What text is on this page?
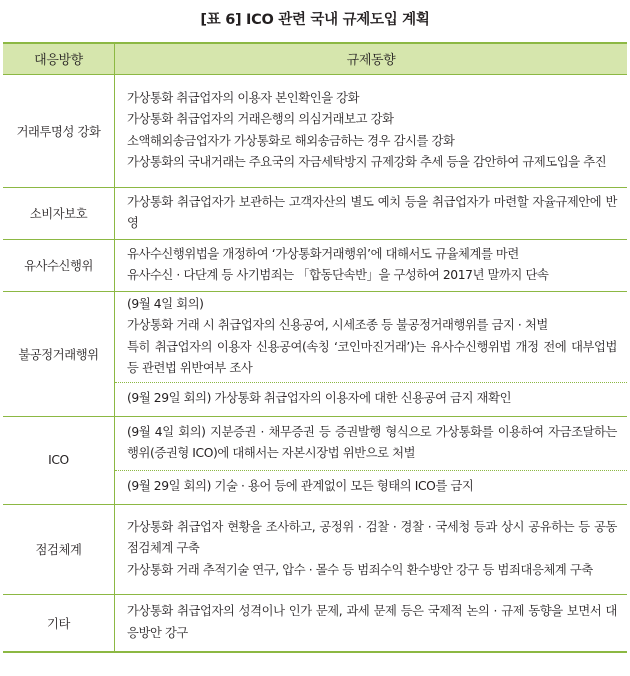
[표 6] ICO 관련 국내 규제도입 계획
대응방향	규제동향
거래투명성 강화	가상통화 취급업자의 이용자 본인확인을 강화
가상통화 취급업자의 거래은행의 의심거래보고 강화
소액해외송금업자가 가상통화로 해외송금하는 경우 감시를 강화
가상통화의 국내거래는 주요국의 자금세탁방지 규제강화 추세 등을 감안하여 규제도입을 추진

소비자보호	가상통화 취급업자가 보관하는 고객자산의 별도 예치 등을 취급업자가 마련할 자율규제안에 반영

유사수신행위	유사수신행위법을 개정하여 ‘가상통화거래행위’에 대해서도 규율체계를 마련
유사수신 · 다단계 등 사기범죄는 「합동단속반」을 구성하여 2017년 말까지 단속

불공정거래행위	(9월 4일 회의)
가상통화 거래 시 취급업자의 신용공여, 시세조종 등 불공정거래행위를 금지 · 처벌
특히 취급업자의 이용자 신용공여(속칭 ‘코인마진거래’)는 유사수신행위법 개정 전에 대부업법 등 관련법 위반여부 조사

	(9월 29일 회의) 가상통화 취급업자의 이용자에 대한 신용공여 금지 재확인

ICO	(9월 4일 회의) 지분증권 · 채무증권 등 증권발행 형식으로 가상통화를 이용하여 자금조달하는 행위(증권형 ICO)에 대해서는 자본시장법 위반으로 처벌

	(9월 29일 회의) 기술 · 용어 등에 관계없이 모든 형태의 ICO를 금지

점검체계	가상통화 취급업자 현황을 조사하고, 공정위 · 검찰 · 경찰 · 국세청 등과 상시 공유하는 등 공동점검체계 구축
가상통화 거래 추적기술 연구, 압수 · 몰수 등 범죄수익 환수방안 강구 등 범죄대응체계 구축

기타	가상통화 취급업자의 성격이나 인가 문제, 과세 문제 등은 국제적 논의 · 규제 동향을 보면서 대응방안 강구
